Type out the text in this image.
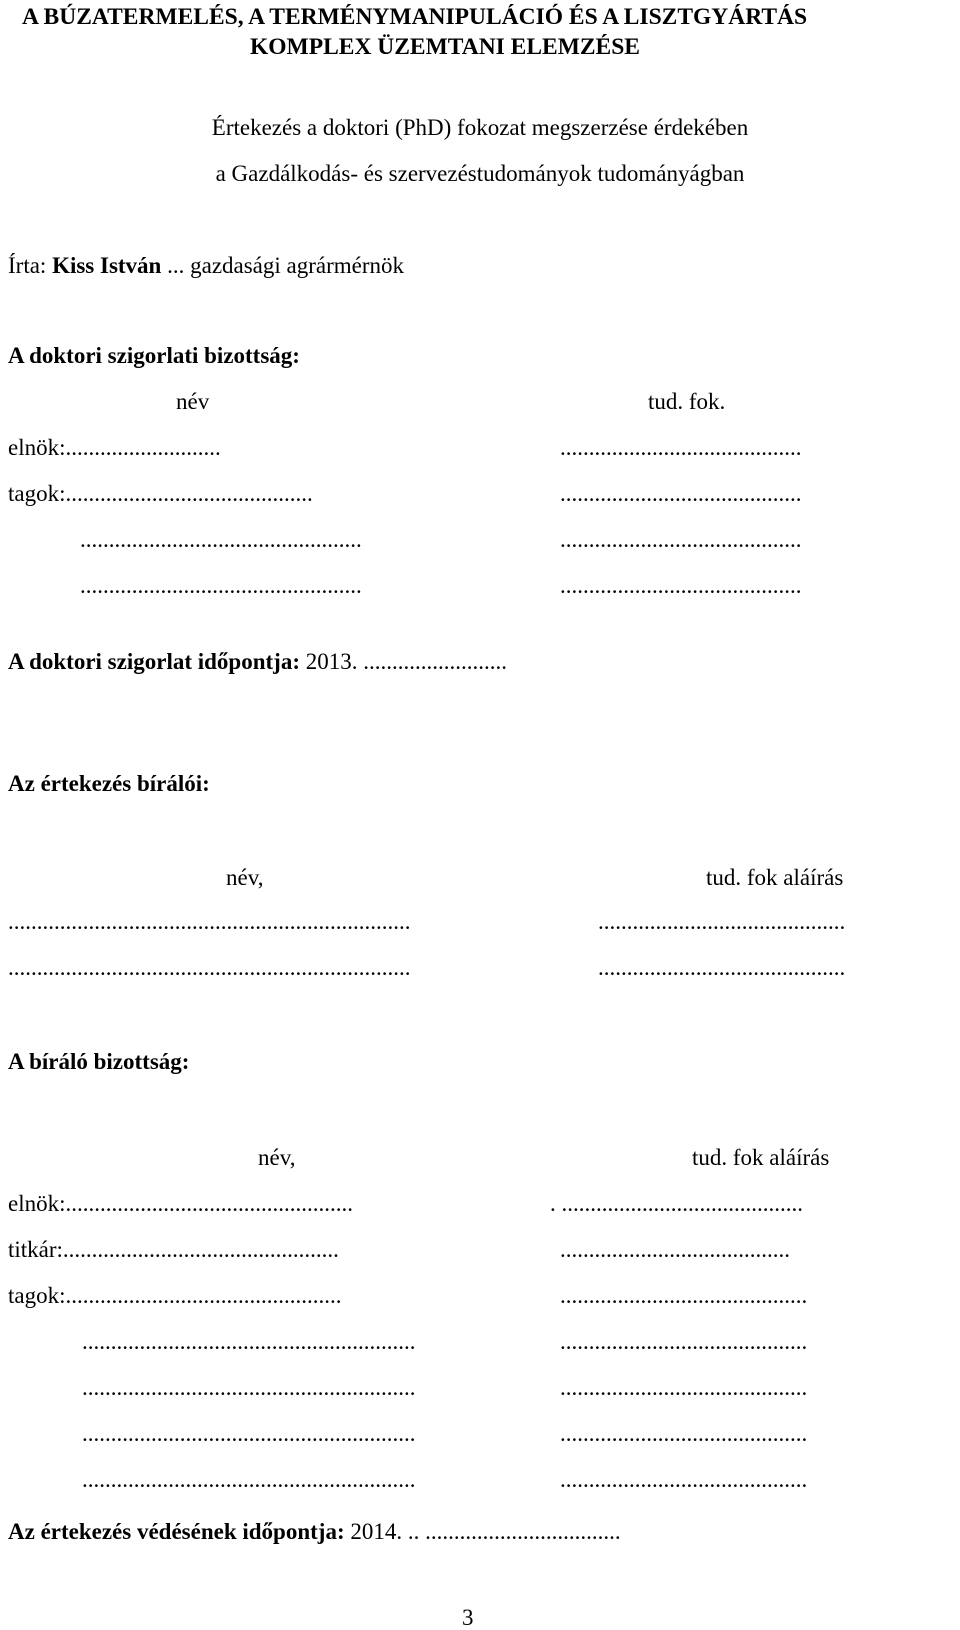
A BÚZATERMELÉS, A TERMÉNYMANIPULÁCIÓ ÉS A LISZTGYÁRTÁS
KOMPLEX ÜZEMTANI ELEMZÉSE
Értekezés a doktori (PhD) fokozat megszerzése érdekében
a Gazdálkodás- és szervezéstudományok tudományágban
Írta: Kiss István ... gazdasági agrármérnök
A doktori szigorlati bizottság:
név	tud. fok.
elnök:...........................	..........................................
tagok:...........................................	..........................................
.................................................	..........................................
.................................................	..........................................
A doktori szigorlat időpontja: 2013. .........................
Az értekezés bírálói:
név,	tud. fok aláírás
......................................................................	...........................................
......................................................................	...........................................
A bíráló bizottság:
név,	tud. fok aláírás
elnök:..................................................	. ..........................................
titkár:................................................	........................................
tagok:................................................	...........................................
..........................................................	...........................................
..........................................................	...........................................
..........................................................	...........................................
..........................................................	...........................................
Az értekezés védésének időpontja: 2014. .. ..................................
3
